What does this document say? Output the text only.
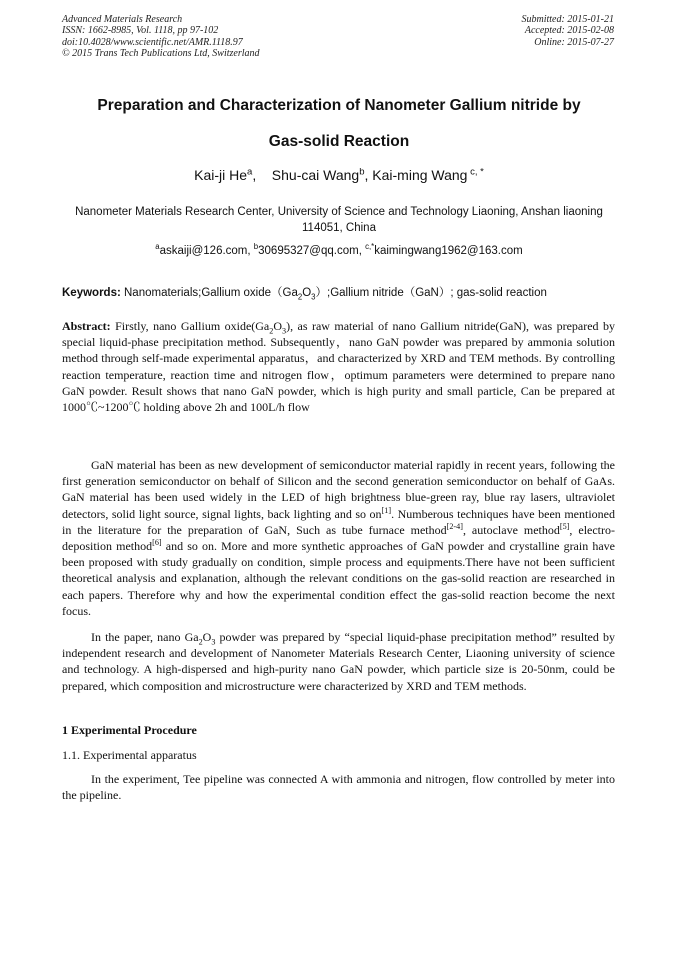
Advanced Materials Research
ISSN: 1662-8985, Vol. 1118, pp 97-102
doi:10.4028/www.scientific.net/AMR.1118.97
© 2015 Trans Tech Publications Ltd, Switzerland
Submitted: 2015-01-21
Accepted: 2015-02-08
Online: 2015-07-27
Preparation and Characterization of Nanometer Gallium nitride by
Gas-solid Reaction
Kai-ji He$^a$,    Shu-cai Wang$^b$, Kai-ming Wang $^{c, *}$
Nanometer Materials Research Center, University of Science and Technology Liaoning, Anshan liaoning 114051, China
$^a$askaiji@126.com, $^b$30695327@qq.com, $^{c,*}$kaimingwang1962@163.com
Keywords: Nanomaterials;Gallium $oxide(Ga_2O_3);Gallium$ nitride（GaN）; gas-solid reaction

Abstract: Firstly, nano Gallium $oxide(Ga_2O_3)$, as raw material of nano Gallium nitride(GaN), was prepared by special liquid-phase precipitation method. Subsequently，nano GaN powder was prepared by ammonia solution method through self-made experimental apparatus，and characterized by XRD and TEM methods. By controlling reaction temperature, reaction time and nitrogen flow，optimum parameters were determined to prepare nano GaN powder. Result shows that nano GaN powder, which is high purity and small particle, Can be prepared at 1000℃~1200℃ holding above 2h and 100L/h flow

GaN material has been as new development of semiconductor material rapidly in recent years, following the first generation semiconductor on behalf of Silicon and the second generation semiconductor on behalf of GaAs. GaN material has been used widely in the LED of high brightness blue-green ray, blue ray lasers, ultraviolet detectors, solid light source, signal lights, back lighting and so on[1]. Numberous techniques have been mentioned in the literature for the preparation of GaN, Such as tube furnace method[2-4], autoclave method[5], electro-deposition method[6] and so on. More and more synthetic approaches of GaN powder and crystalline grain have been proposed with study gradually on condition, simple process and equipments.There have not been sufficient theoretical analysis and explanation, although the relevant conditions on the gas-solid reaction are researched in each papers. Therefore why and how the experimental condition effect the gas-solid reaction become the next focus.

In the paper, nano $Ga_2O_3$ powder was prepared by “special liquid-phase precipitation method” resulted by independent research and development of Nanometer Materials Research Center, Liaoning university of science and technology. A high-dispersed and high-purity nano GaN powder, which particle size is 20-50nm, could be prepared, which composition and microstructure were characterized by XRD and TEM methods.

1 Experimental Procedure
1.1. Experimental apparatus

In the experiment, Tee pipeline was connected A with ammonia and nitrogen, flow controlled by meter into the pipeline.
